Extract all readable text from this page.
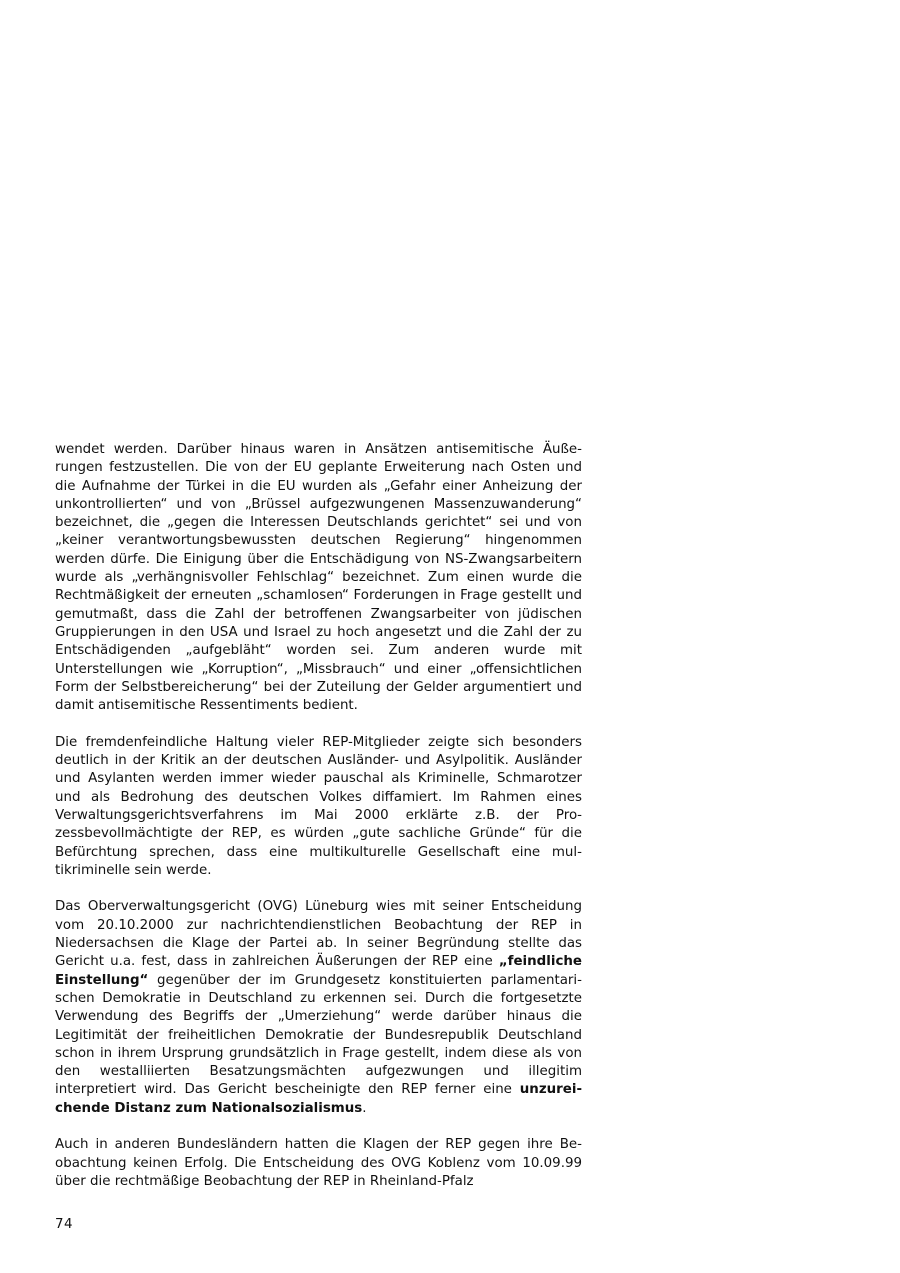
wendet werden. Darüber hinaus waren in Ansätzen antisemitische Äußerungen festzustellen. Die von der EU geplante Erweiterung nach Osten und die Aufnahme der Türkei in die EU wurden als „Gefahr einer Anheizung der unkontrollierten“ und von „Brüssel aufgezwungenen Massenzuwanderung“ bezeichnet, die „gegen die Interessen Deutschlands gerichtet“ sei und von „keiner verantwortungsbewussten deutschen Regierung“ hingenommen werden dürfe. Die Einigung über die Entschädigung von NS-Zwangsarbeitern wurde als „verhängnisvoller Fehlschlag“ bezeichnet. Zum einen wurde die Rechtmäßigkeit der erneuten „schamlosen“ Forderungen in Frage gestellt und gemutmaßt, dass die Zahl der betroffenen Zwangsarbeiter von jüdischen Gruppierungen in den USA und Israel zu hoch angesetzt und die Zahl der zu Entschädigenden „aufgebläht“ worden sei. Zum anderen wurde mit Unterstellungen wie „Korruption“, „Missbrauch“ und einer „offensichtlichen Form der Selbstbereicherung“ bei der Zuteilung der Gelder argumentiert und damit antisemitische Ressentiments bedient.

Die fremdenfeindliche Haltung vieler REP-Mitglieder zeigte sich besonders deutlich in der Kritik an der deutschen Ausländer- und Asylpolitik. Ausländer und Asylanten werden immer wieder pauschal als Kriminelle, Schmarotzer und als Bedrohung des deutschen Volkes diffamiert. Im Rahmen eines Verwaltungsgerichtsverfahrens im Mai 2000 erklärte z.B. der Prozessbevollmächtigte der REP, es würden „gute sachliche Gründe“ für die Befürchtung sprechen, dass eine multikulturelle Gesellschaft eine multikriminelle sein werde.

Das Oberverwaltungsgericht (OVG) Lüneburg wies mit seiner Entscheidung vom 20.10.2000 zur nachrichtendienstlichen Beobachtung der REP in Niedersachsen die Klage der Partei ab. In seiner Begründung stellte das Gericht u.a. fest, dass in zahlreichen Äußerungen der REP eine „feindliche Einstellung“ gegenüber der im Grundgesetz konstituierten parlamentarischen Demokratie in Deutschland zu erkennen sei. Durch die fortgesetzte Verwendung des Begriffs der „Umerziehung“ werde darüber hinaus die Legitimität der freiheitlichen Demokratie der Bundesrepublik Deutschland schon in ihrem Ursprung grundsätzlich in Frage gestellt, indem diese als von den westalliierten Besatzungsmächten aufgezwungen und illegitim interpretiert wird. Das Gericht bescheinigte den REP ferner eine unzureichende Distanz zum Nationalsozialismus.

Auch in anderen Bundesländern hatten die Klagen der REP gegen ihre Beobachtung keinen Erfolg. Die Entscheidung des OVG Koblenz vom 10.09.99 über die rechtmäßige Beobachtung der REP in Rheinland-Pfalz

74
